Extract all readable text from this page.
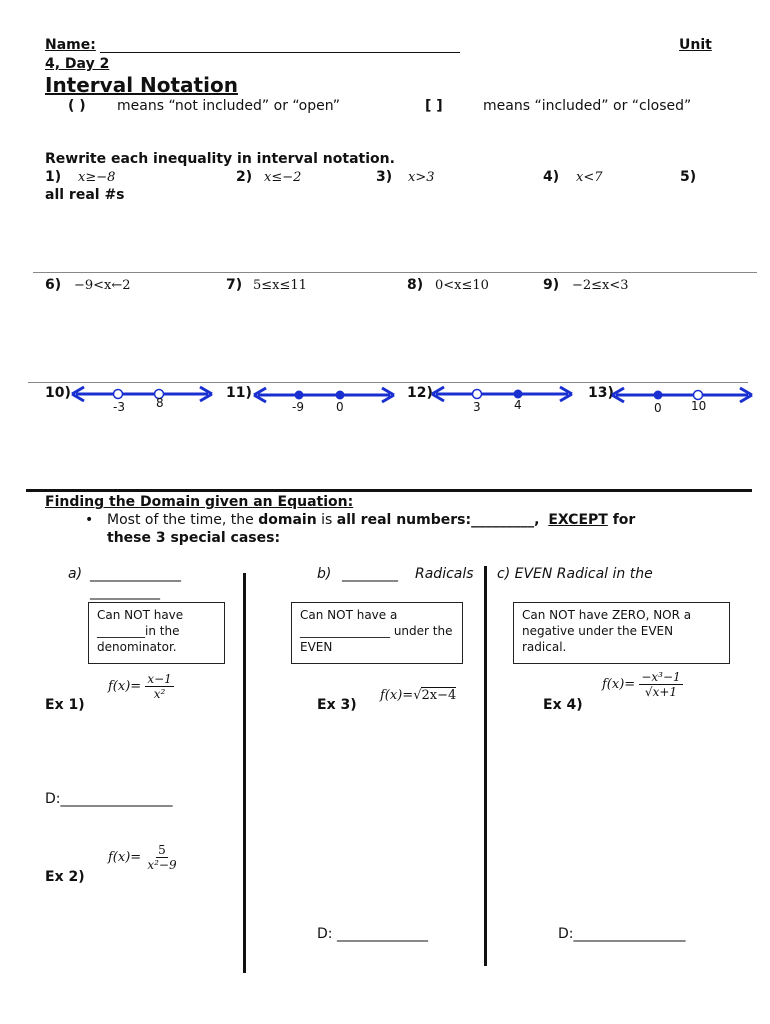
Name:	Unit
4, Day 2
Interval Notation
( ) means “not included” or “open”	[ ]	means “included” or “closed”
Rewrite each inequality in interval notation.
1) x≥−8	2) x≤−2	3) x>3	4) x<7	5)
all real #s
6) −9<x←2	7) 5≤x≤11	8) 0<x≤10	9) −2≤x<3
10)
-3	8
11)
-9	0
12)
3	4
13)
0 10
Finding the Domain given an Equation:
• Most of the time, the domain is all real numbers:_________, EXCEPT for
these 3 special cases:
a) _____________
__________
Can NOT have ________in the denominator.
b) ________ Radicals
Can NOT have a _______________ under the EVEN
c) EVEN Radical in the
Can NOT have ZERO, NOR a negative under the EVEN radical.
Ex 1)
$f(x)= \frac{x-1}{\text{x²}}$
D:________________
Ex 2)
$f(x)= \frac{5}{\text{x²−9}}$
Ex 3)
f(x)=√2x−4
D: _____________
Ex 4)
$f(x)= \frac{\text{−x³−1}}{√x+1}$
D:________________
